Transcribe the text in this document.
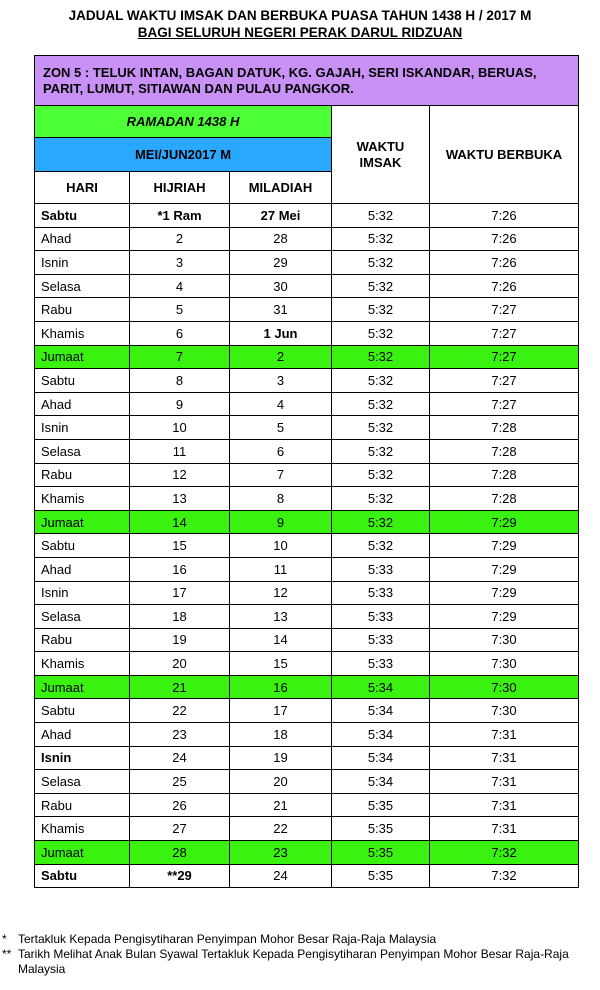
JADUAL WAKTU IMSAK DAN BERBUKA PUASA TAHUN 1438 H / 2017 M
BAGI SELURUH NEGERI PERAK DARUL RIDZUAN
ZON 5 : TELUK INTAN, BAGAN DATUK, KG. GAJAH, SERI ISKANDAR, BERUAS, PARIT, LUMUT, SITIAWAN DAN PULAU PANGKOR.				
RAMADAN 1438 H			WAKTU IMSAK	WAKTU BERBUKA
MEI/JUN2017 M				
HARI	HIJRIAH	MILADIAH		
Sabtu	*1 Ram	27 Mei	5:32	7:26
Ahad	2	28	5:32	7:26
Isnin	3	29	5:32	7:26
Selasa	4	30	5:32	7:26
Rabu	5	31	5:32	7:27
Khamis	6	1 Jun	5:32	7:27
Jumaat	7	2	5:32	7:27
Sabtu	8	3	5:32	7:27
Ahad	9	4	5:32	7:27
Isnin	10	5	5:32	7:28
Selasa	11	6	5:32	7:28
Rabu	12	7	5:32	7:28
Khamis	13	8	5:32	7:28
Jumaat	14	9	5:32	7:29
Sabtu	15	10	5:32	7:29
Ahad	16	11	5:33	7:29
Isnin	17	12	5:33	7:29
Selasa	18	13	5:33	7:29
Rabu	19	14	5:33	7:30
Khamis	20	15	5:33	7:30
Jumaat	21	16	5:34	7:30
Sabtu	22	17	5:34	7:30
Ahad	23	18	5:34	7:31
Isnin	24	19	5:34	7:31
Selasa	25	20	5:34	7:31
Rabu	26	21	5:35	7:31
Khamis	27	22	5:35	7:31
Jumaat	28	23	5:35	7:32
Sabtu	**29	24	5:35	7:32
* Tertakluk Kepada Pengisytiharan Penyimpan Mohor Besar Raja-Raja Malaysia
** Tarikh Melihat Anak Bulan Syawal Tertakluk Kepada Pengisytiharan Penyimpan Mohor Besar Raja-Raja Malaysia
